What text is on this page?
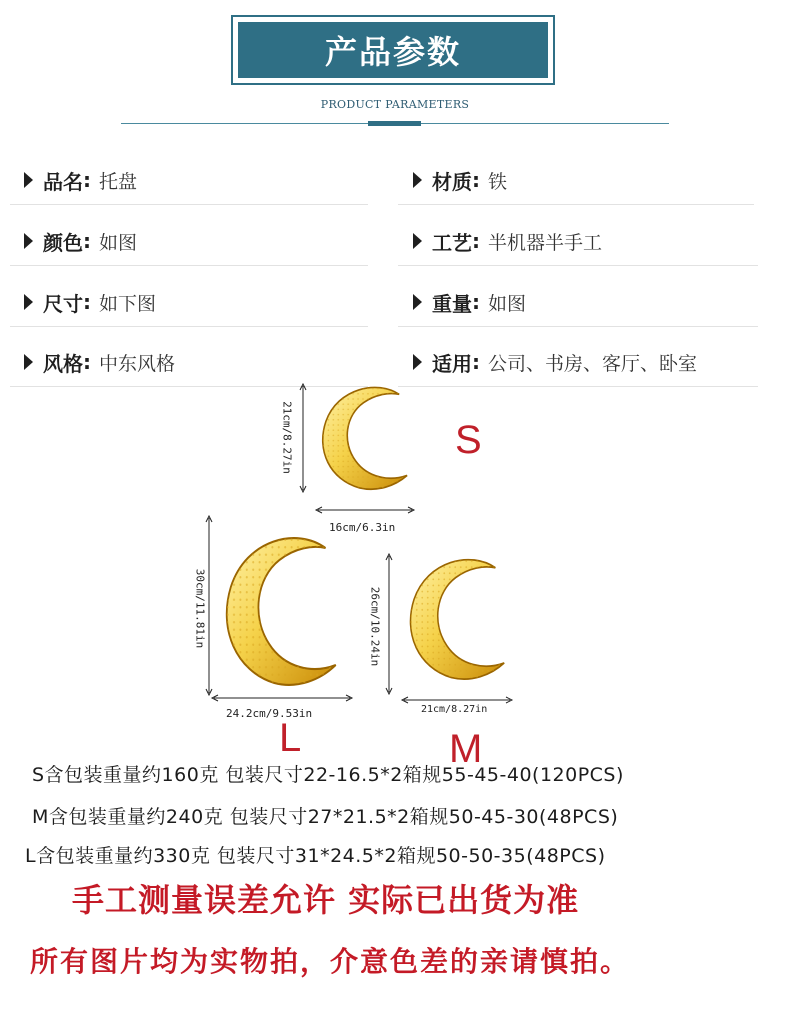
产品参数
PRODUCT PARAMETERS
品名 : 托盘
颜色 : 如图
尺寸 : 如下图
风格 : 中东风格
材质 : 铁
工艺 : 半机器半手工
重量 : 如图
适用 : 公司、书房、客厅、卧室
21cm/8.27in
16cm/6.3in
S
30cm/11.81in
24.2cm/9.53in
L
26cm/10.24in
21cm/8.27in
M
S含包装重量约160克 包装尺寸22-16.5*2箱规55-45-40(120PCS)
M含包装重量约240克 包装尺寸27*21.5*2箱规50-45-30(48PCS)
L含包装重量约330克 包装尺寸31*24.5*2箱规50-50-35(48PCS)
手工测量误差允许 实际已出货为准
所有图片均为实物拍，介意色差的亲请慎拍。
